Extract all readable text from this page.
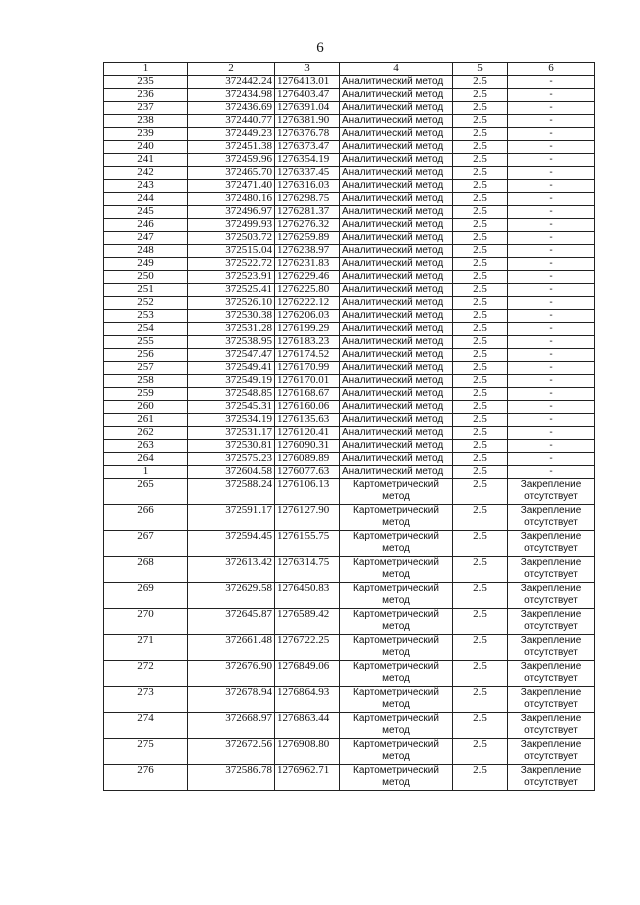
6
1	2	3	4	5	6
235	372442.24	1276413.01	Аналитический метод	2.5	-
236	372434.98	1276403.47	Аналитический метод	2.5	-
237	372436.69	1276391.04	Аналитический метод	2.5	-
238	372440.77	1276381.90	Аналитический метод	2.5	-
239	372449.23	1276376.78	Аналитический метод	2.5	-
240	372451.38	1276373.47	Аналитический метод	2.5	-
241	372459.96	1276354.19	Аналитический метод	2.5	-
242	372465.70	1276337.45	Аналитический метод	2.5	-
243	372471.40	1276316.03	Аналитический метод	2.5	-
244	372480.16	1276298.75	Аналитический метод	2.5	-
245	372496.97	1276281.37	Аналитический метод	2.5	-
246	372499.93	1276276.32	Аналитический метод	2.5	-
247	372503.72	1276259.89	Аналитический метод	2.5	-
248	372515.04	1276238.97	Аналитический метод	2.5	-
249	372522.72	1276231.83	Аналитический метод	2.5	-
250	372523.91	1276229.46	Аналитический метод	2.5	-
251	372525.41	1276225.80	Аналитический метод	2.5	-
252	372526.10	1276222.12	Аналитический метод	2.5	-
253	372530.38	1276206.03	Аналитический метод	2.5	-
254	372531.28	1276199.29	Аналитический метод	2.5	-
255	372538.95	1276183.23	Аналитический метод	2.5	-
256	372547.47	1276174.52	Аналитический метод	2.5	-
257	372549.41	1276170.99	Аналитический метод	2.5	-
258	372549.19	1276170.01	Аналитический метод	2.5	-
259	372548.85	1276168.67	Аналитический метод	2.5	-
260	372545.31	1276160.06	Аналитический метод	2.5	-
261	372534.19	1276135.63	Аналитический метод	2.5	-
262	372531.17	1276120.41	Аналитический метод	2.5	-
263	372530.81	1276090.31	Аналитический метод	2.5	-
264	372575.23	1276089.89	Аналитический метод	2.5	-
1	372604.58	1276077.63	Аналитический метод	2.5	-
265	372588.24	1276106.13	Картометрический метод	2.5	Закрепление отсутствует
266	372591.17	1276127.90	Картометрический метод	2.5	Закрепление отсутствует
267	372594.45	1276155.75	Картометрический метод	2.5	Закрепление отсутствует
268	372613.42	1276314.75	Картометрический метод	2.5	Закрепление отсутствует
269	372629.58	1276450.83	Картометрический метод	2.5	Закрепление отсутствует
270	372645.87	1276589.42	Картометрический метод	2.5	Закрепление отсутствует
271	372661.48	1276722.25	Картометрический метод	2.5	Закрепление отсутствует
272	372676.90	1276849.06	Картометрический метод	2.5	Закрепление отсутствует
273	372678.94	1276864.93	Картометрический метод	2.5	Закрепление отсутствует
274	372668.97	1276863.44	Картометрический метод	2.5	Закрепление отсутствует
275	372672.56	1276908.80	Картометрический метод	2.5	Закрепление отсутствует
276	372586.78	1276962.71	Картометрический метод	2.5	Закрепление отсутствует
